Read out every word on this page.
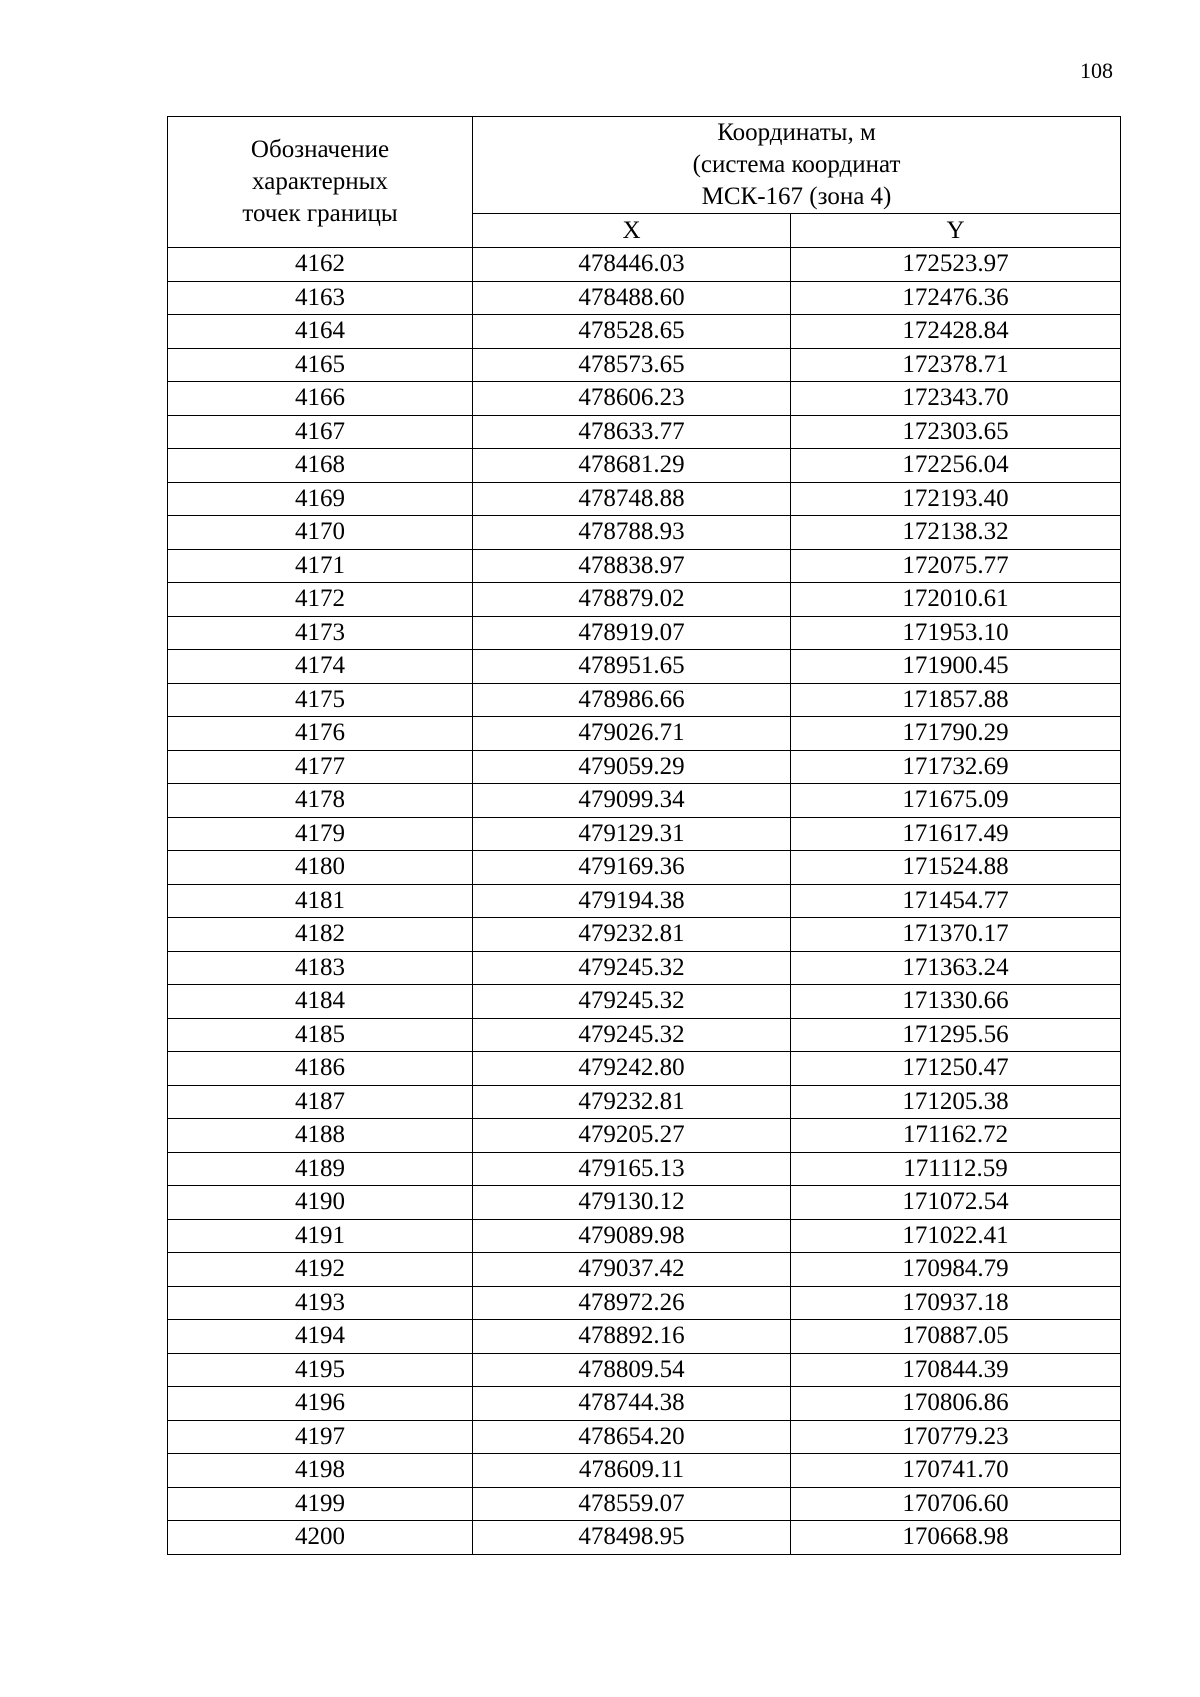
108
Обозначение
характерных
точек границы	Координаты, м
(система координат
МСК-167 (зона 4)	

	X	Y
4162	478446.03	172523.97
4163	478488.60	172476.36
4164	478528.65	172428.84
4165	478573.65	172378.71
4166	478606.23	172343.70
4167	478633.77	172303.65
4168	478681.29	172256.04
4169	478748.88	172193.40
4170	478788.93	172138.32
4171	478838.97	172075.77
4172	478879.02	172010.61
4173	478919.07	171953.10
4174	478951.65	171900.45
4175	478986.66	171857.88
4176	479026.71	171790.29
4177	479059.29	171732.69
4178	479099.34	171675.09
4179	479129.31	171617.49
4180	479169.36	171524.88
4181	479194.38	171454.77
4182	479232.81	171370.17
4183	479245.32	171363.24
4184	479245.32	171330.66
4185	479245.32	171295.56
4186	479242.80	171250.47
4187	479232.81	171205.38
4188	479205.27	171162.72
4189	479165.13	171112.59
4190	479130.12	171072.54
4191	479089.98	171022.41
4192	479037.42	170984.79
4193	478972.26	170937.18
4194	478892.16	170887.05
4195	478809.54	170844.39
4196	478744.38	170806.86
4197	478654.20	170779.23
4198	478609.11	170741.70
4199	478559.07	170706.60
4200	478498.95	170668.98
